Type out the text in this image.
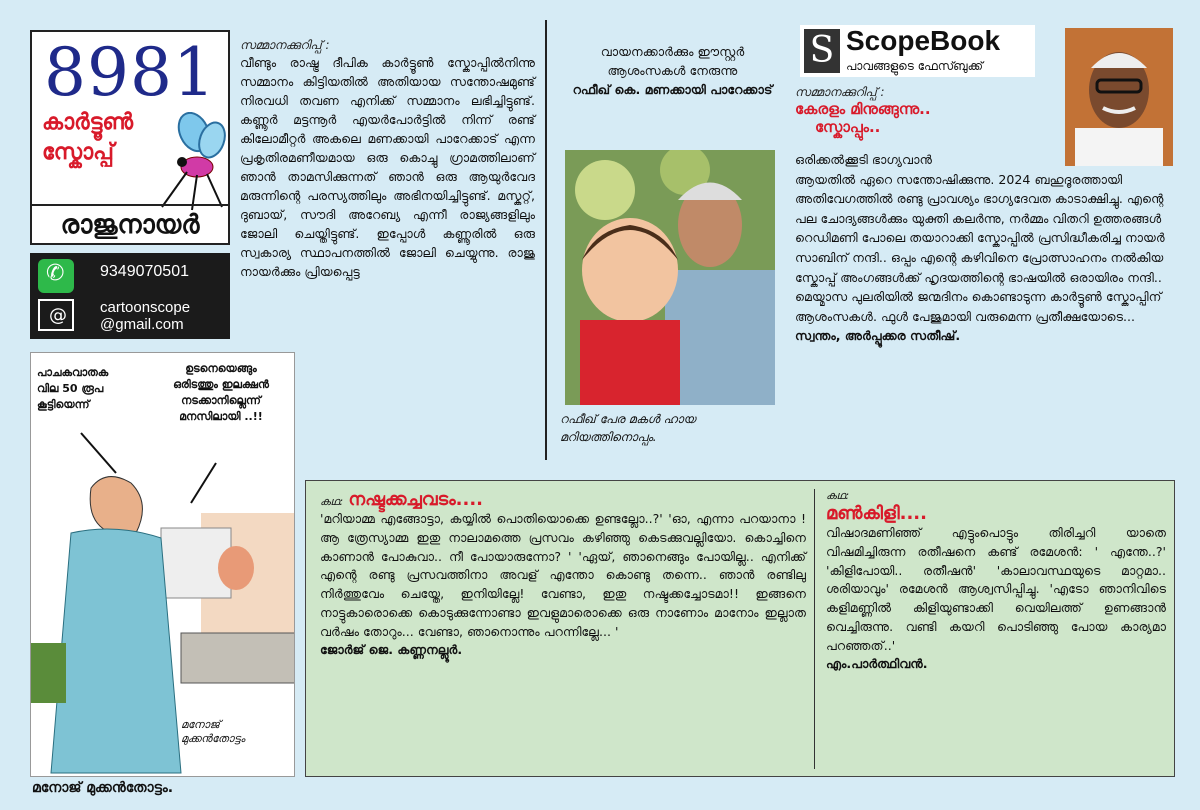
8981
കാർട്ടൂൺ
സ്കോപ്പ്
രാജുനായർ
✆
9349070501
@
cartoonscope
@gmail.com
സമ്മാനക്കുറിപ്പ് :
വീണ്ടും രാഷ്ട്ര ദീപിക കാർട്ടൂൺ സ്കോപ്പിൽനിന്നു സമ്മാനം കിട്ടിയതിൽ അതിയായ സന്തോഷമുണ്ട് നിരവധി തവണ എനിക്ക് സമ്മാനം ലഭിച്ചിട്ടുണ്ട്. കണ്ണൂർ മട്ടന്നൂർ എയർപോർട്ടിൽ നിന്ന് രണ്ട് കിലോമീറ്റർ അകലെ മണക്കായി പാറേക്കാട് എന്ന പ്രകൃതിരമണീയമായ ഒരു കൊച്ചു ഗ്രാമത്തിലാണ് ഞാൻ താമസിക്കുന്നത് ഞാൻ ഒരു ആയുർവേദ മരുന്നിന്റെ പരസ്യത്തിലും അഭിനയിച്ചിട്ടുണ്ട്. മസ്കറ്റ്, ദുബായ്, സൗദി അറേബ്യ എന്നീ രാജ്യങ്ങളിലും ജോലി ചെയ്തിട്ടുണ്ട്. ഇപ്പോൾ കണ്ണൂരിൽ ഒരു സ്വകാര്യ സ്ഥാപനത്തിൽ ജോലി ചെയ്യുന്നു. രാജു നായർക്കും പ്രിയപ്പെട്ട
വായനക്കാർക്കും ഈസ്റ്റർ ആശംസകൾ നേരുന്നു
റഫീഖ് കെ. മണക്കായി പാറേക്കാട്
റഫീഖ് പേര മകൾ ഹായ മറിയത്തിനൊപ്പം.
S ScopeBook
പാവങ്ങളുടെ ഫേസ്ബുക്ക്
സമ്മാനക്കുറിപ്പ് :
കേരളം മിനുങ്ങുന്നു..
സ്കോപ്പും..
ഒരിക്കൽക്കൂടി ഭാഗ്യവാൻ
ആയതിൽ ഏറെ സന്തോഷിക്കുന്നു. 2024 ബഹുദൂരത്തായി അതിവേഗത്തിൽ രണ്ടു പ്രാവശ്യം ഭാഗ്യദേവത കാടാക്ഷിച്ചു. എന്റെ പല ചോദ്യങ്ങൾക്കും യുക്തി കലർന്നു, നർമ്മം വിതറി ഉത്തരങ്ങൾ റെഡിമണി പോലെ തയാറാക്കി സ്കോപ്പിൽ പ്രസിദ്ധീകരിച്ച നായർ സാബിന് നന്ദി.. ഒപ്പം എന്റെ കഴിവിനെ പ്രോത്സാഹനം നൽകിയ സ്കോപ്പ് അംഗങ്ങൾക്ക് ഹൃദയത്തിന്റെ ഭാഷയിൽ ഒരായിരം നന്ദി..
മെയ്മാസ പുലരിയിൽ ജന്മദിനം കൊണ്ടാടുന്ന കാർട്ടൂൺ സ്കോപ്പിന് ആശംസകൾ. ഫുൾ പേജുമായി വരുമെന്ന പ്രതീക്ഷയോടെ...
സ്വന്തം, അർപ്പൂക്കര സതീഷ്.
പാചകവാതക വില 50 രൂപ കൂട്ടിയെന്ന്
ഉടനെയെങ്ങും ഒരിടത്തും ഇലക്ഷൻ നടക്കാനില്ലെന്ന് മനസിലായി ..!!
മനോജ് മുക്കൻതോട്ടം
മനോജ് മുക്കൻതോട്ടം.
കഥ: നഷ്ടക്കച്ചവടം....
'മറിയാമ്മ എങ്ങോട്ടാ, കയ്യിൽ പൊതിയൊക്കെ ഉണ്ടല്ലോ..?' 'ഓ, എന്നാ പറയാനാ ! ആ ത്രേസ്യാമ്മ ഇതു നാലാമത്തെ പ്രസവം കഴിഞ്ഞു കെടക്കുവല്ലിയോ. കൊച്ചിനെ കാണാൻ പോകുവാ.. നീ പോയാരുന്നോ? ' 'ഏയ്, ഞാനെങ്ങും പോയില്ല.. എനിക്ക് എന്റെ രണ്ടു പ്രസവത്തിനാ അവള് എന്തോ കൊണ്ടു തന്നെ.. ഞാൻ രണ്ടിലു നിർത്തുവേം ചെയ്തേ, ഇനിയില്ലേ! വേണ്ടാ, ഇതു നഷ്ടക്കച്ചോടമാ!! ഇങ്ങനെ നാട്ടുകാരൊക്കെ കൊടുക്കുന്നോണ്ടാ ഇവളുമാരൊക്കെ ഒരു നാണോം മാനോം ഇല്ലാത വർഷം തോറും... വേണ്ടാ, ഞാനൊന്നും പറന്നില്ലേ... '
ജോർജ് ജെ. കണ്ണനല്ലൂർ.
കഥ:
മൺകിളി....
വിഷാദമണിഞ്ഞ് എട്ടുംപൊട്ടും തിരിച്ചറി യാതെ വിഷമിച്ചിരുന്ന രതീഷനെ കണ്ട് രമേശൻ: ' എന്തേ..?' 'കിളിപോയി.. രതീഷൻ' 'കാലാവസ്ഥയുടെ മാറ്റമാ.. ശരിയാവും' രമേശൻ ആശ്വസിപ്പിച്ചു. 'എടോ ഞാനിവിടെ കളിമണ്ണിൽ കിളിയുണ്ടാക്കി വെയിലത്ത് ഉണങ്ങാൻ വെച്ചിരുന്നു. വണ്ടി കയറി പൊടിഞ്ഞു പോയ കാര്യമാ പറഞ്ഞത്..'
എം.പാർത്ഥിവൻ.
